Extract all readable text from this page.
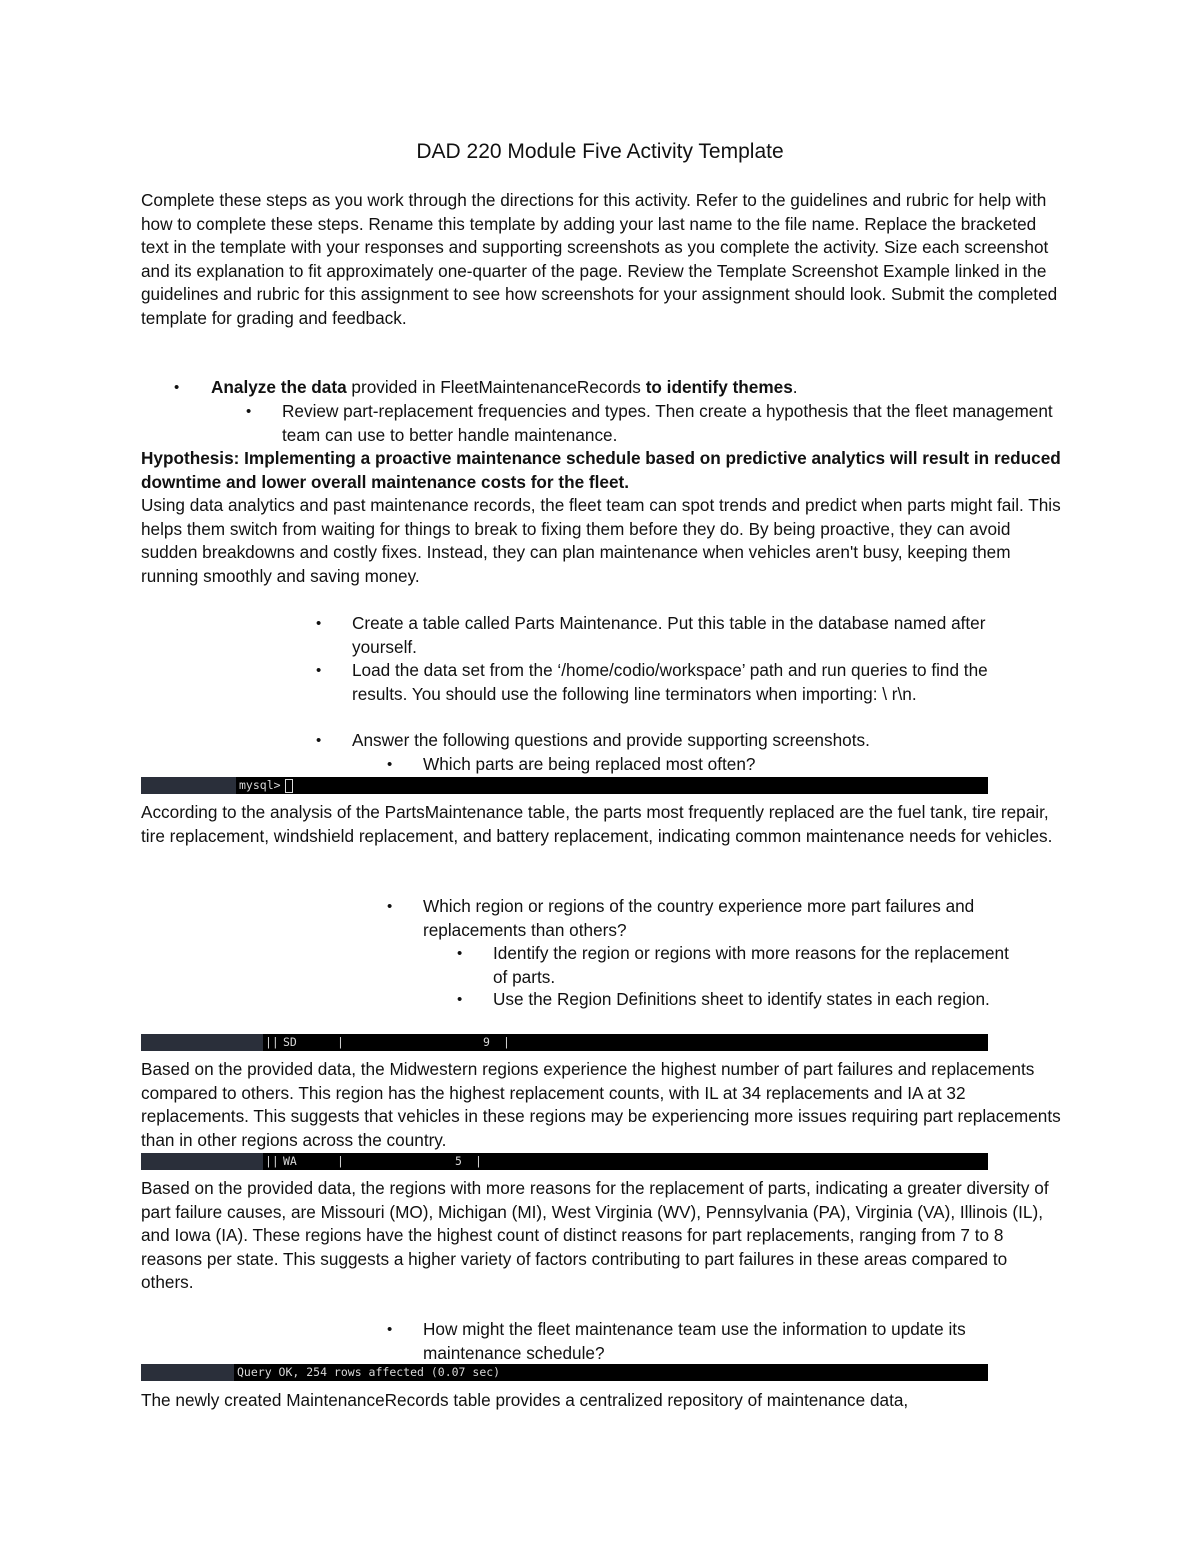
DAD 220 Module Five Activity Template

Complete these steps as you work through the directions for this activity. Refer to the guidelines and rubric for help with how to complete these steps. Rename this template by adding your last name to the file name. Replace the bracketed text in the template with your responses and supporting screenshots as you complete the activity. Size each screenshot and its explanation to fit approximately one-quarter of the page. Review the Template Screenshot Example linked in the guidelines and rubric for this assignment to see how screenshots for your assignment should look. Submit the completed template for grading and feedback.

•	Analyze the data provided in FleetMaintenanceRecords to identify themes.
•	Review part-replacement frequencies and types. Then create a hypothesis that the fleet management team can use to better handle maintenance.

Hypothesis: Implementing a proactive maintenance schedule based on predictive analytics will result in reduced downtime and lower overall maintenance costs for the fleet.

Using data analytics and past maintenance records, the fleet team can spot trends and predict when parts might fail. This helps them switch from waiting for things to break to fixing them before they do. By being proactive, they can avoid sudden breakdowns and costly fixes. Instead, they can plan maintenance when vehicles aren't busy, keeping them running smoothly and saving money.

•	Create a table called Parts Maintenance. Put this table in the database named after yourself.
•	Load the data set from the ‘/home/codio/workspace’ path and run queries to find the results. You should use the following line terminators when importing: \ r\n.
•	Answer the following questions and provide supporting screenshots.
•	Which parts are being replaced most often?
mysql>

According to the analysis of the PartsMaintenance table, the parts most frequently replaced are the fuel tank, tire repair, tire replacement, windshield replacement, and battery replacement, indicating common maintenance needs for vehicles.

•	Which region or regions of the country experience more part failures and replacements than others?
•	Identify the region or regions with more reasons for the replacement of parts.
•	Use the Region Definitions sheet to identify states in each region.
|| SD	|	9 |

Based on the provided data, the Midwestern regions experience the highest number of part failures and replacements compared to others. This region has the highest replacement counts, with IL at 34 replacements and IA at 32 replacements. This suggests that vehicles in these regions may be experiencing more issues requiring part replacements than in other regions across the country.

|| WA	|	5 |

Based on the provided data, the regions with more reasons for the replacement of parts, indicating a greater diversity of part failure causes, are Missouri (MO), Michigan (MI), West Virginia (WV), Pennsylvania (PA), Virginia (VA), Illinois (IL), and Iowa (IA). These regions have the highest count of distinct reasons for part replacements, ranging from 7 to 8 reasons per state. This suggests a higher variety of factors contributing to part failures in these areas compared to others.

•	How might the fleet maintenance team use the information to update its maintenance schedule?
Query OK, 254 rows affected (0.07 sec)

The newly created MaintenanceRecords table provides a centralized repository of maintenance data,
